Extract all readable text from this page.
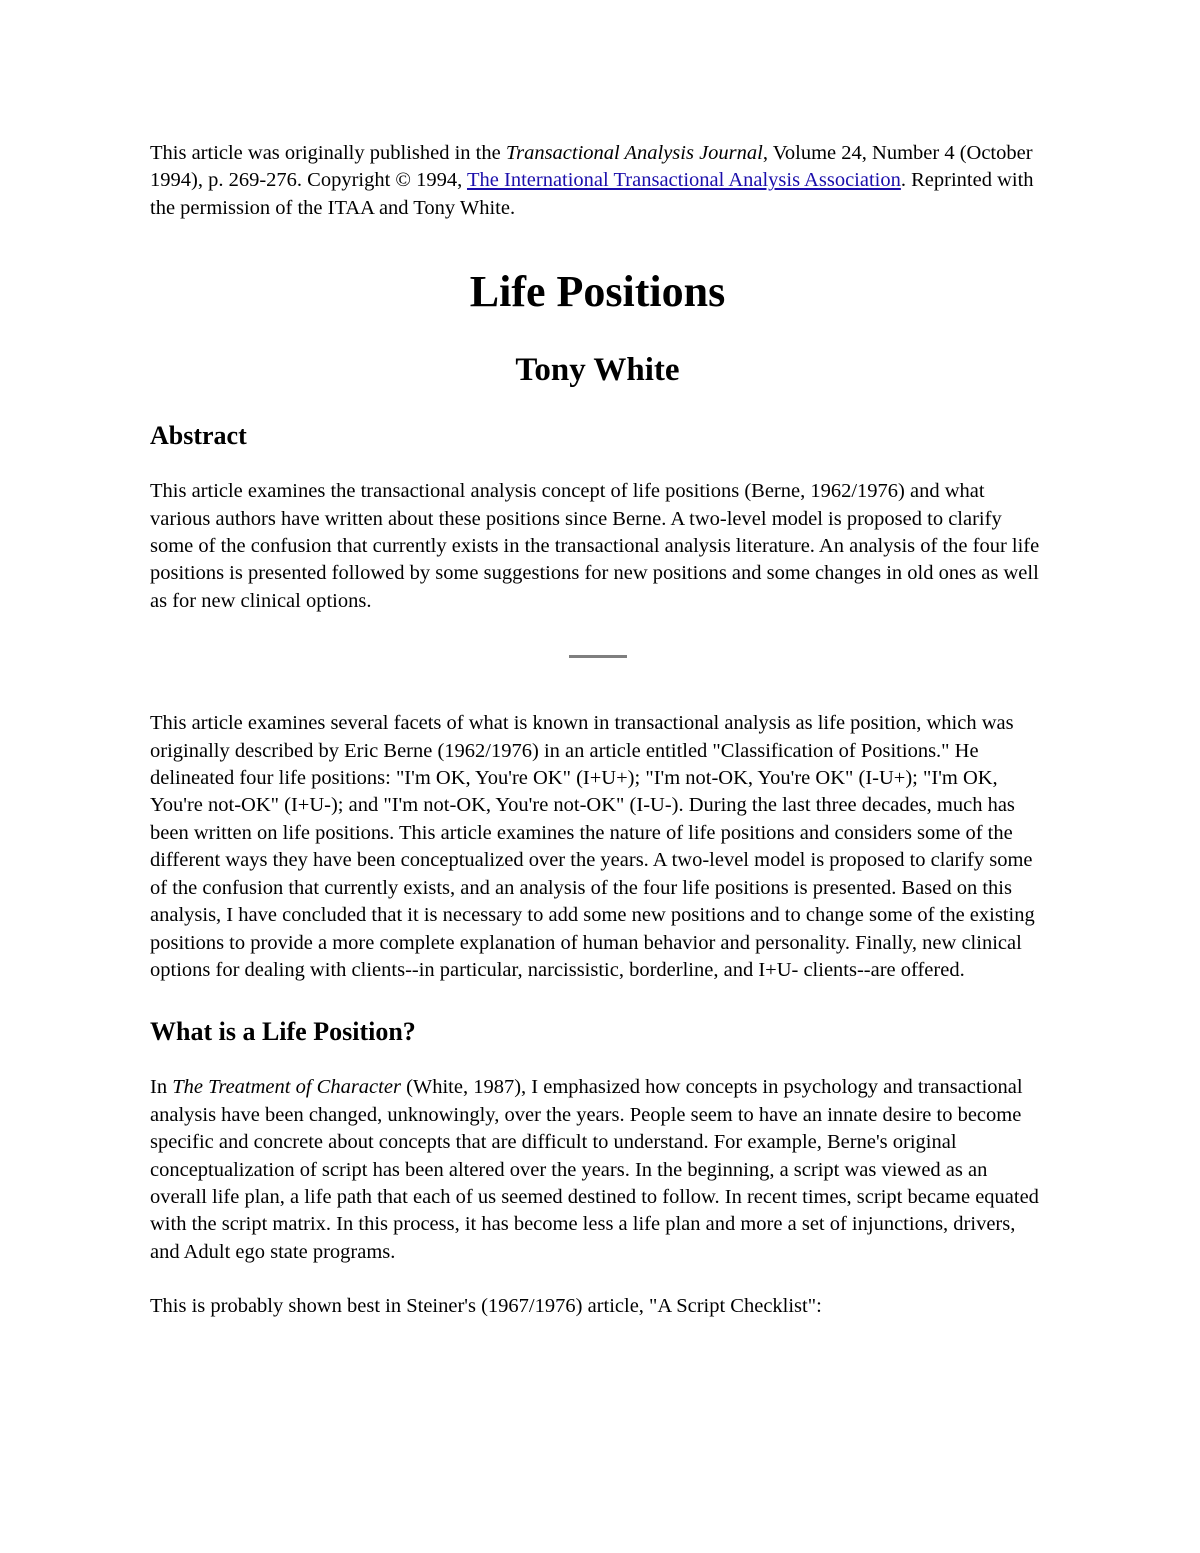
This article was originally published in the Transactional Analysis Journal, Volume 24, Number 4 (October 1994), p. 269-276. Copyright © 1994, The International Transactional Analysis Association. Reprinted with the permission of the ITAA and Tony White.

Life Positions
Tony White
Abstract

This article examines the transactional analysis concept of life positions (Berne, 1962/1976) and what various authors have written about these positions since Berne. A two-level model is proposed to clarify some of the confusion that currently exists in the transactional analysis literature. An analysis of the four life positions is presented followed by some suggestions for new positions and some changes in old ones as well as for new clinical options.

This article examines several facets of what is known in transactional analysis as life position, which was originally described by Eric Berne (1962/1976) in an article entitled "Classification of Positions." He delineated four life positions: "I'm OK, You're OK" (I+U+); "I'm not-OK, You're OK" (I-U+); "I'm OK, You're not-OK" (I+U-); and "I'm not-OK, You're not-OK" (I-U-). During the last three decades, much has been written on life positions. This article examines the nature of life positions and considers some of the different ways they have been conceptualized over the years. A two-level model is proposed to clarify some of the confusion that currently exists, and an analysis of the four life positions is presented. Based on this analysis, I have concluded that it is necessary to add some new positions and to change some of the existing positions to provide a more complete explanation of human behavior and personality. Finally, new clinical options for dealing with clients--in particular, narcissistic, borderline, and I+U- clients--are offered.

What is a Life Position?

In The Treatment of Character (White, 1987), I emphasized how concepts in psychology and transactional analysis have been changed, unknowingly, over the years. People seem to have an innate desire to become specific and concrete about concepts that are difficult to understand. For example, Berne's original conceptualization of script has been altered over the years. In the beginning, a script was viewed as an overall life plan, a life path that each of us seemed destined to follow. In recent times, script became equated with the script matrix. In this process, it has become less a life plan and more a set of injunctions, drivers, and Adult ego state programs.

This is probably shown best in Steiner's (1967/1976) article, "A Script Checklist":
